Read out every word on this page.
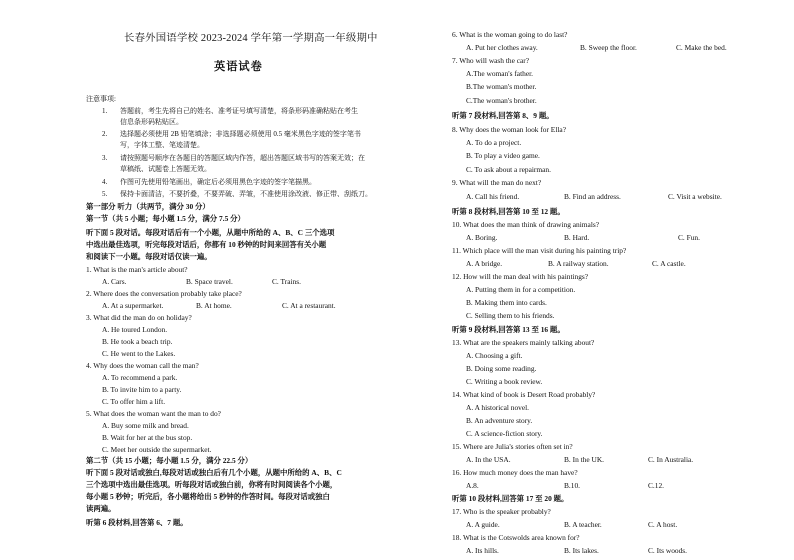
长春外国语学校 2023-2024 学年第一学期高一年级期中
英语试卷
注意事项:
1. 答题前，考生先将自己的姓名、准考证号填写清楚，将条形码准确粘贴在考生
信息条形码粘贴区。
2. 选择题必须使用 2B 铅笔填涂；非选择题必须使用 0.5 毫米黑色字迹的签字笔书
写，字体工整、笔迹清楚。
3. 请按照题号顺序在各题目的答题区域内作答，超出答题区域书写的答案无效；在
草稿纸、试题卷上答题无效。
4. 作图可先使用铅笔画出，确定后必须用黑色字迹的签字笔描黑。
5. 保持卡面清洁，不要折叠，不要弄破、弄皱，不准使用涂改液、修正带、刮纸刀。
第一部分 听力（共两节，满分 30 分）
第一节（共 5 小题；每小题 1.5 分，满分 7.5 分）
听下面 5 段对话。每段对话后有一个小题，从题中所给的 A、B、C 三个选项
中选出最佳选项，听完每段对话后，你都有 10 秒钟的时间来回答有关小题
和阅读下一小题。每段对话仅读一遍。
1. What is the man's article about?
A. Cars.	B. Space travel.	C. Trains.
2. Where does the conversation probably take place?
A. At a supermarket.	B. At home.	C. At a restaurant.
3. What did the man do on holiday?
A. He toured London.
B. He took a beach trip.
C. He went to the Lakes.
4. Why does the woman call the man?
A. To recommend a park.
B. To invite him to a party.
C. To offer him a lift.
5. What does the woman want the man to do?
A. Buy some milk and bread.
B. Wait for her at the bus stop.
C. Meet her outside the supermarket.
第二节（共 15 小题；每小题 1.5 分，满分 22.5 分）
听下面 5 段对话或独白,每段对话或独白后有几个小题，从题中所给的 A、B、C
三个选项中选出最佳选项。听每段对话或独白前，你将有时间阅读各个小题，
每小题 5 秒钟；听完后，各小题将给出 5 秒钟的作答时间。每段对话或独白
读两遍。
听第 6 段材料,回答第 6、7 题。
6. What is the woman going to do last?
A. Put her clothes away.	B. Sweep the floor.	C. Make the bed.
7. Who will wash the car?
A.The woman's father.
B.The woman's mother.
C.The woman's brother.
听第 7 段材料,回答第 8、9 题。
8. Why does the woman look for Ella?
A. To do a project.
B. To play a video game.
C. To ask about a repairman.
9. What will the man do next?
A. Call his friend.	B. Find an address.	C. Visit a website.
听第 8 段材料,回答第 10 至 12 题。
10. What does the man think of drawing animals?
A. Boring.	B. Hard.	C. Fun.
11. Which place will the man visit during his painting trip?
A. A bridge.	B. A railway station.	C. A castle.
12. How will the man deal with his paintings?
A. Putting them in for a competition.
B. Making them into cards.
C. Selling them to his friends.
听第 9 段材料,回答第 13 至 16 题。
13. What are the speakers mainly talking about?
A. Choosing a gift.
B. Doing some reading.
C. Writing a book review.
14. What kind of book is Desert Road probably?
A. A historical novel.
B. An adventure story.
C. A science-fiction story.
15. Where are Julia's stories often set in?
A. In the USA.	B. In the UK.	C. In Australia.
16. How much money does the man have?
A.8.	B.10.	C.12.
听第 10 段材料,回答第 17 至 20 题。
17. Who is the speaker probably?
A. A guide.	B. A teacher.	C. A host.
18. What is the Cotswolds area known for?
A. Its hills.	B. Its lakes.	C. Its woods.
